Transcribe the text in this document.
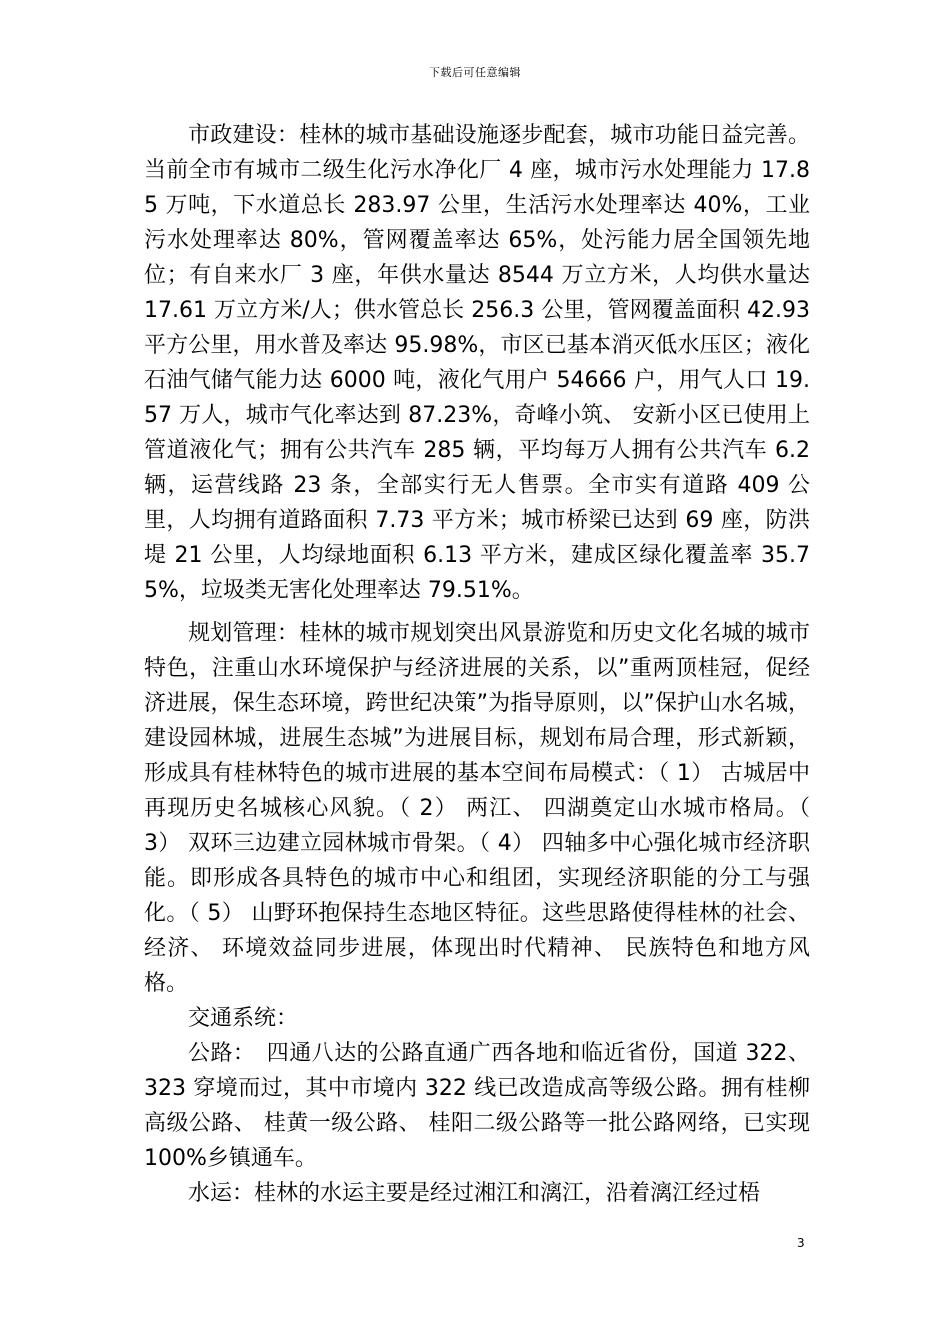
下载后可任意编辑

市政建设：桂林的城市基础设施逐步配套，城市功能日益完善。当前全市有城市二级生化污水净化厂 4 座，城市污水处理能力 17.85 万吨，下水道总长 283.97 公里，生活污水处理率达 40%，工业污水处理率达 80%，管网覆盖率达 65%，处污能力居全国领先地位；有自来水厂 3 座，年供水量达 8544 万立方米，人均供水量达 17.61 万立方米/人；供水管总长 256.3 公里，管网覆盖面积 42.93 平方公里，用水普及率达 95.98%，市区已基本消灭低水压区；液化石油气储气能力达 6000 吨，液化气用户 54666 户，用气人口 19.57 万人，城市气化率达到 87.23%，奇峰小筑、 安新小区已使用上管道液化气；拥有公共汽车 285 辆，平均每万人拥有公共汽车 6.2 辆，运营线路 23 条，全部实行无人售票。全市实有道路 409 公里，人均拥有道路面积 7.73 平方米；城市桥梁已达到 69 座，防洪堤 21 公里，人均绿地面积 6.13 平方米，建成区绿化覆盖率 35.75%，垃圾类无害化处理率达 79.51%。

规划管理：桂林的城市规划突出风景游览和历史文化名城的城市特色，注重山水环境保护与经济进展的关系，以”重两顶桂冠，促经济进展，保生态环境，跨世纪决策”为指导原则，以”保护山水名城，建设园林城，进展生态城”为进展目标，规划布局合理，形式新颖，形成具有桂林特色的城市进展的基本空间布局模式：（ 1） 古城居中再现历史名城核心风貌。（ 2） 两江、 四湖奠定山水城市格局。（ 3） 双环三边建立园林城市骨架。（ 4） 四轴多中心强化城市经济职能。即形成各具特色的城市中心和组团，实现经济职能的分工与强化。（ 5） 山野环抱保持生态地区特征。这些思路使得桂林的社会、 经济、 环境效益同步进展，体现出时代精神、 民族特色和地方风格。

交通系统：

公路：　四通八达的公路直通广西各地和临近省份，国道 322、 323 穿境而过，其中市境内 322 线已改造成高等级公路。拥有桂柳高级公路、 桂黄一级公路、 桂阳二级公路等一批公路网络，已实现 100%乡镇通车。

水运：桂林的水运主要是经过湘江和漓江，沿着漓江经过梧

3
